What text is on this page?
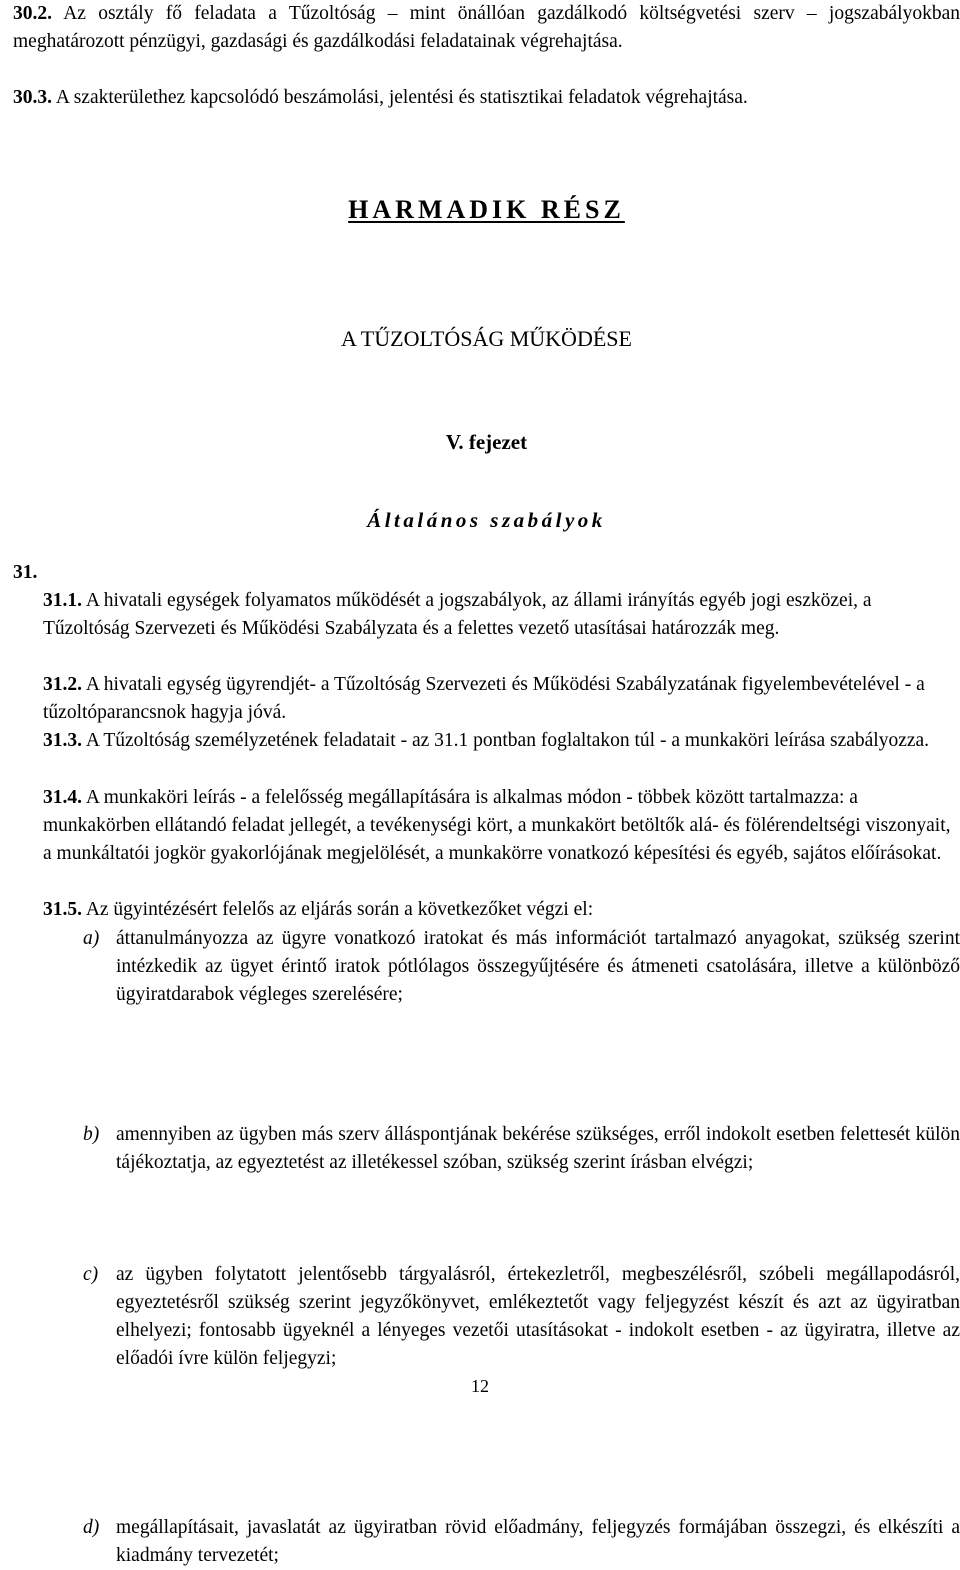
30.2. Az osztály fő feladata a Tűzoltóság – mint önállóan gazdálkodó költségvetési szerv – jogszabályokban meghatározott pénzügyi, gazdasági és gazdálkodási feladatainak végrehajtása.
30.3. A szakterülethez kapcsolódó beszámolási, jelentési és statisztikai feladatok végrehajtása.
HARMADIK RÉSZ
A TŰZOLTÓSÁG MŰKÖDÉSE
V. fejezet
Általános szabályok
31.
31.1. A hivatali egységek folyamatos működését a jogszabályok, az állami irányítás egyéb jogi eszközei, a Tűzoltóság Szervezeti és Működési Szabályzata és a felettes vezető utasításai határozzák meg.
31.2. A hivatali egység ügyrendjét- a Tűzoltóság Szervezeti és Működési Szabályzatának figyelembevételével - a tűzoltóparancsnok hagyja jóvá.
31.3. A Tűzoltóság személyzetének feladatait - az 31.1 pontban foglaltakon túl - a munkaköri leírása szabályozza.
31.4. A munkaköri leírás - a felelősség megállapítására is alkalmas módon - többek között tartalmazza: a munkakörben ellátandó feladat jellegét, a tevékenységi kört, a munkakört betöltők alá- és fölérendeltségi viszonyait, a munkáltatói jogkör gyakorlójának megjelölését, a munkakörre vonatkozó képesítési és egyéb, sajátos előírásokat.
31.5. Az ügyintézésért felelős az eljárás során a következőket végzi el:
a) áttanulmányozza az ügyre vonatkozó iratokat és más információt tartalmazó anyagokat, szükség szerint intézkedik az ügyet érintő iratok pótlólagos összegyűjtésére és átmeneti csatolására, illetve a különböző ügyiratdarabok végleges szerelésére;
b) amennyiben az ügyben más szerv álláspontjának bekérése szükséges, erről indokolt esetben felettesét külön tájékoztatja, az egyeztetést az illetékessel szóban, szükség szerint írásban elvégzi;
c) az ügyben folytatott jelentősebb tárgyalásról, értekezletről, megbeszélésről, szóbeli megállapodásról, egyeztetésről szükség szerint jegyzőkönyvet, emlékeztetőt vagy feljegyzést készít és azt az ügyiratban elhelyezi; fontosabb ügyeknél a lényeges vezetői utasításokat - indokolt esetben - az ügyiratra, illetve az előadói ívre külön feljegyzi;
d) megállapításait, javaslatát az ügyiratban rövid előadmány, feljegyzés formájában összegzi, és elkészíti a kiadmány tervezetét;
12
